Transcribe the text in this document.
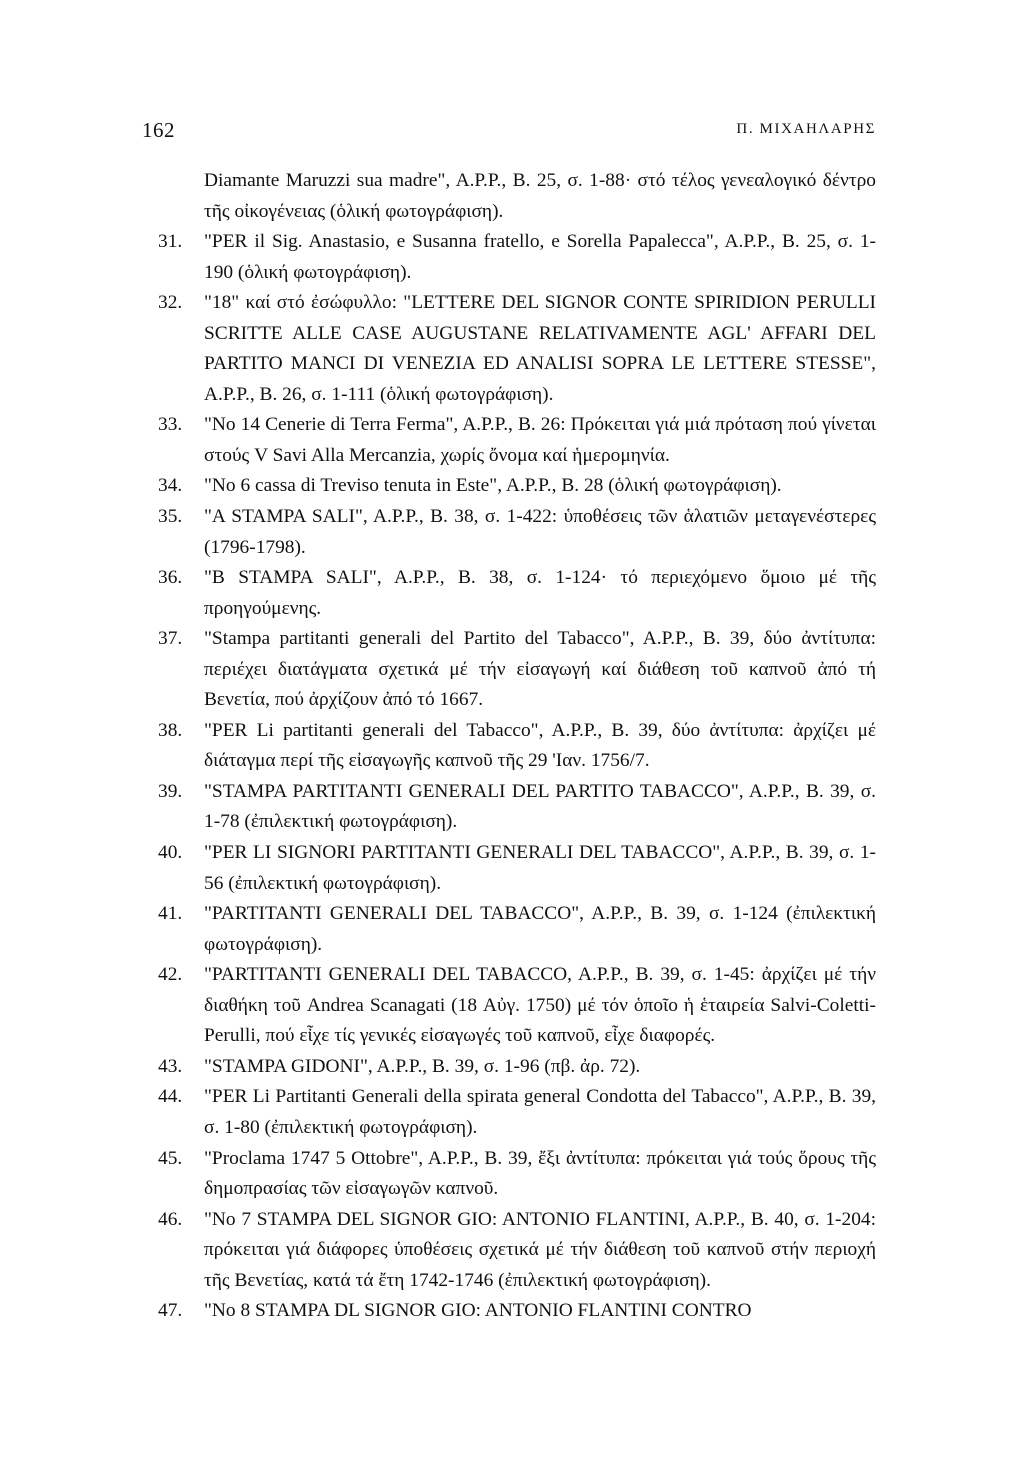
162	Π. ΜΙΧΑΗΛΑΡΗΣ
Diamante Maruzzi sua madre", A.P.P., B. 25, σ. 1-88· στό τέλος γενεαλογικό δέντρο τῆς οἰκογένειας (ὁλική φωτογράφιση).
31. "PER il Sig. Anastasio, e Susanna fratello, e Sorella Papalecca", A.P.P., B. 25, σ. 1-190 (ὁλική φωτογράφιση).
32. "18" καί στό ἐσώφυλλο: "LETTERE DEL SIGNOR CONTE SPIRIDION PERULLI SCRITTE ALLE CASE AUGUSTANE RELATIVAMENTE AGL' AFFARI DEL PARTITO MANCI DI VENEZIA ED ANALISI SOPRA LE LETTERE STESSE", A.P.P., B. 26, σ. 1-111 (ὁλική φωτογράφιση).
33. "No 14 Cenerie di Terra Ferma", A.P.P., B. 26: Πρόκειται γιά μιά πρόταση πού γίνεται στούς V Savi Alla Mercanzia, χωρίς ὄνομα καί ἡμερομηνία.
34. "No 6 cassa di Treviso tenuta in Este", A.P.P., B. 28 (ὁλική φωτογράφιση).
35. "A STAMPA SALI", A.P.P., B. 38, σ. 1-422: ὑποθέσεις τῶν ἁλατιῶν μεταγενέστερες (1796-1798).
36. "B STAMPA SALI", A.P.P., B. 38, σ. 1-124· τό περιεχόμενο ὅμοιο μέ τῆς προηγούμενης.
37. "Stampa partitanti generali del Partito del Tabacco", A.P.P., B. 39, δύο ἀντίτυπα: περιέχει διατάγματα σχετικά μέ τήν εἰσαγωγή καί διάθεση τοῦ καπνοῦ ἀπό τή Βενετία, πού ἀρχίζουν ἀπό τό 1667.
38. "PER Li partitanti generali del Tabacco", A.P.P., B. 39, δύο ἀντίτυπα: ἀρχίζει μέ διάταγμα περί τῆς εἰσαγωγῆς καπνοῦ τῆς 29 'Ιαν. 1756/7.
39. "STAMPA PARTITANTI GENERALI DEL PARTITO TABACCO", A.P.P., B. 39, σ. 1-78 (ἐπιλεκτική φωτογράφιση).
40. "PER LI SIGNORI PARTITANTI GENERALI DEL TABACCO", A.P.P., B. 39, σ. 1-56 (ἐπιλεκτική φωτογράφιση).
41. "PARTITANTI GENERALI DEL TABACCO", A.P.P., B. 39, σ. 1-124 (ἐπιλεκτική φωτογράφιση).
42. "PARTITANTI GENERALI DEL TABACCO, A.P.P., B. 39, σ. 1-45: ἀρχίζει μέ τήν διαθήκη τοῦ Andrea Scanagati (18 Αὐγ. 1750) μέ τόν ὁποῖο ἡ ἑταιρεία Salvi-Coletti-Perulli, πού εἶχε τίς γενικές εἰσαγωγές τοῦ καπνοῦ, εἶχε διαφορές.
43. "STAMPA GIDONI", A.P.P., B. 39, σ. 1-96 (πβ. ἀρ. 72).
44. "PER Li Partitanti Generali della spirata general Condotta del Tabacco", A.P.P., B. 39, σ. 1-80 (ἐπιλεκτική φωτογράφιση).
45. "Proclama 1747 5 Ottobre", A.P.P., B. 39, ἔξι ἀντίτυπα: πρόκειται γιά τούς ὅρους τῆς δημοπρασίας τῶν εἰσαγωγῶν καπνοῦ.
46. "No 7 STAMPA DEL SIGNOR GIO: ANTONIO FLANTINI, A.P.P., B. 40, σ. 1-204: πρόκειται γιά διάφορες ὑποθέσεις σχετικά μέ τήν διάθεση τοῦ καπνοῦ στήν περιοχή τῆς Βενετίας, κατά τά ἔτη 1742-1746 (ἐπιλεκτική φωτογράφιση).
47. "No 8 STAMPA DL SIGNOR GIO: ANTONIO FLANTINI CONTRO
